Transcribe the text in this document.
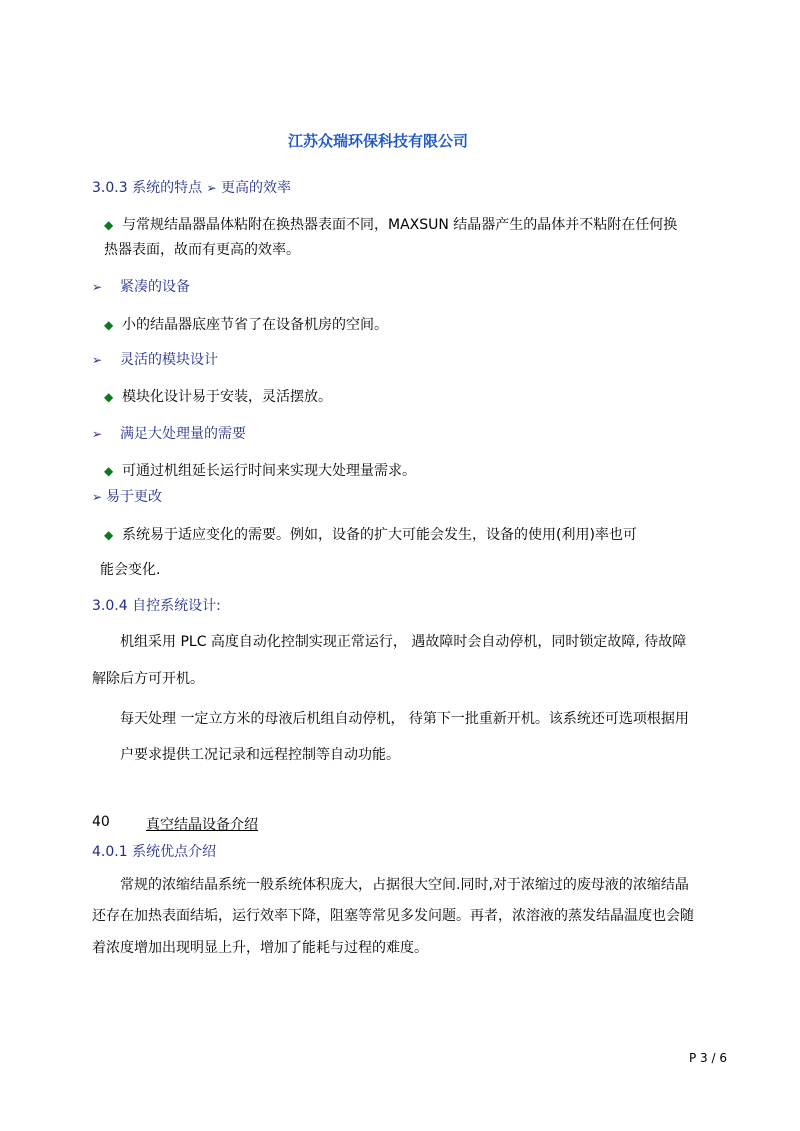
江苏众瑞环保科技有限公司
3.0.3 系统的特点 ➢ 更高的效率
◆ 与常规结晶器晶体粘附在换热器表面不同，MAXSUN 结晶器产生的晶体并不粘附在任何换
热器表面，故而有更高的效率。
➢ 紧凑的设备
◆ 小的结晶器底座节省了在设备机房的空间。
➢ 灵活的模块设计
◆ 模块化设计易于安装，灵活摆放。
➢ 满足大处理量的需要
◆ 可通过机组延长运行时间来实现大处理量需求。
➢ 易于更改
◆ 系统易于适应变化的需要。例如，设备的扩大可能会发生，设备的使用(利用)率也可
能会变化.
3.0.4 自控系统设计:
机组采用 PLC 高度自动化控制实现正常运行， 遇故障时会自动停机，同时锁定故障, 待故障
解除后方可开机。
每天处理 一定立方米的母液后机组自动停机， 待第下一批重新开机。该系统还可选项根据用
户要求提供工况记录和远程控制等自动功能。
40	真空结晶设备介绍
4.0.1 系统优点介绍
常规的浓缩结晶系统一般系统体积庞大，占据很大空间.同时,对于浓缩过的废母液的浓缩结晶
还存在加热表面结垢，运行效率下降，阻塞等常见多发问题。再者，浓溶液的蒸发结晶温度也会随
着浓度增加出现明显上升，增加了能耗与过程的难度。
P 3 / 6
